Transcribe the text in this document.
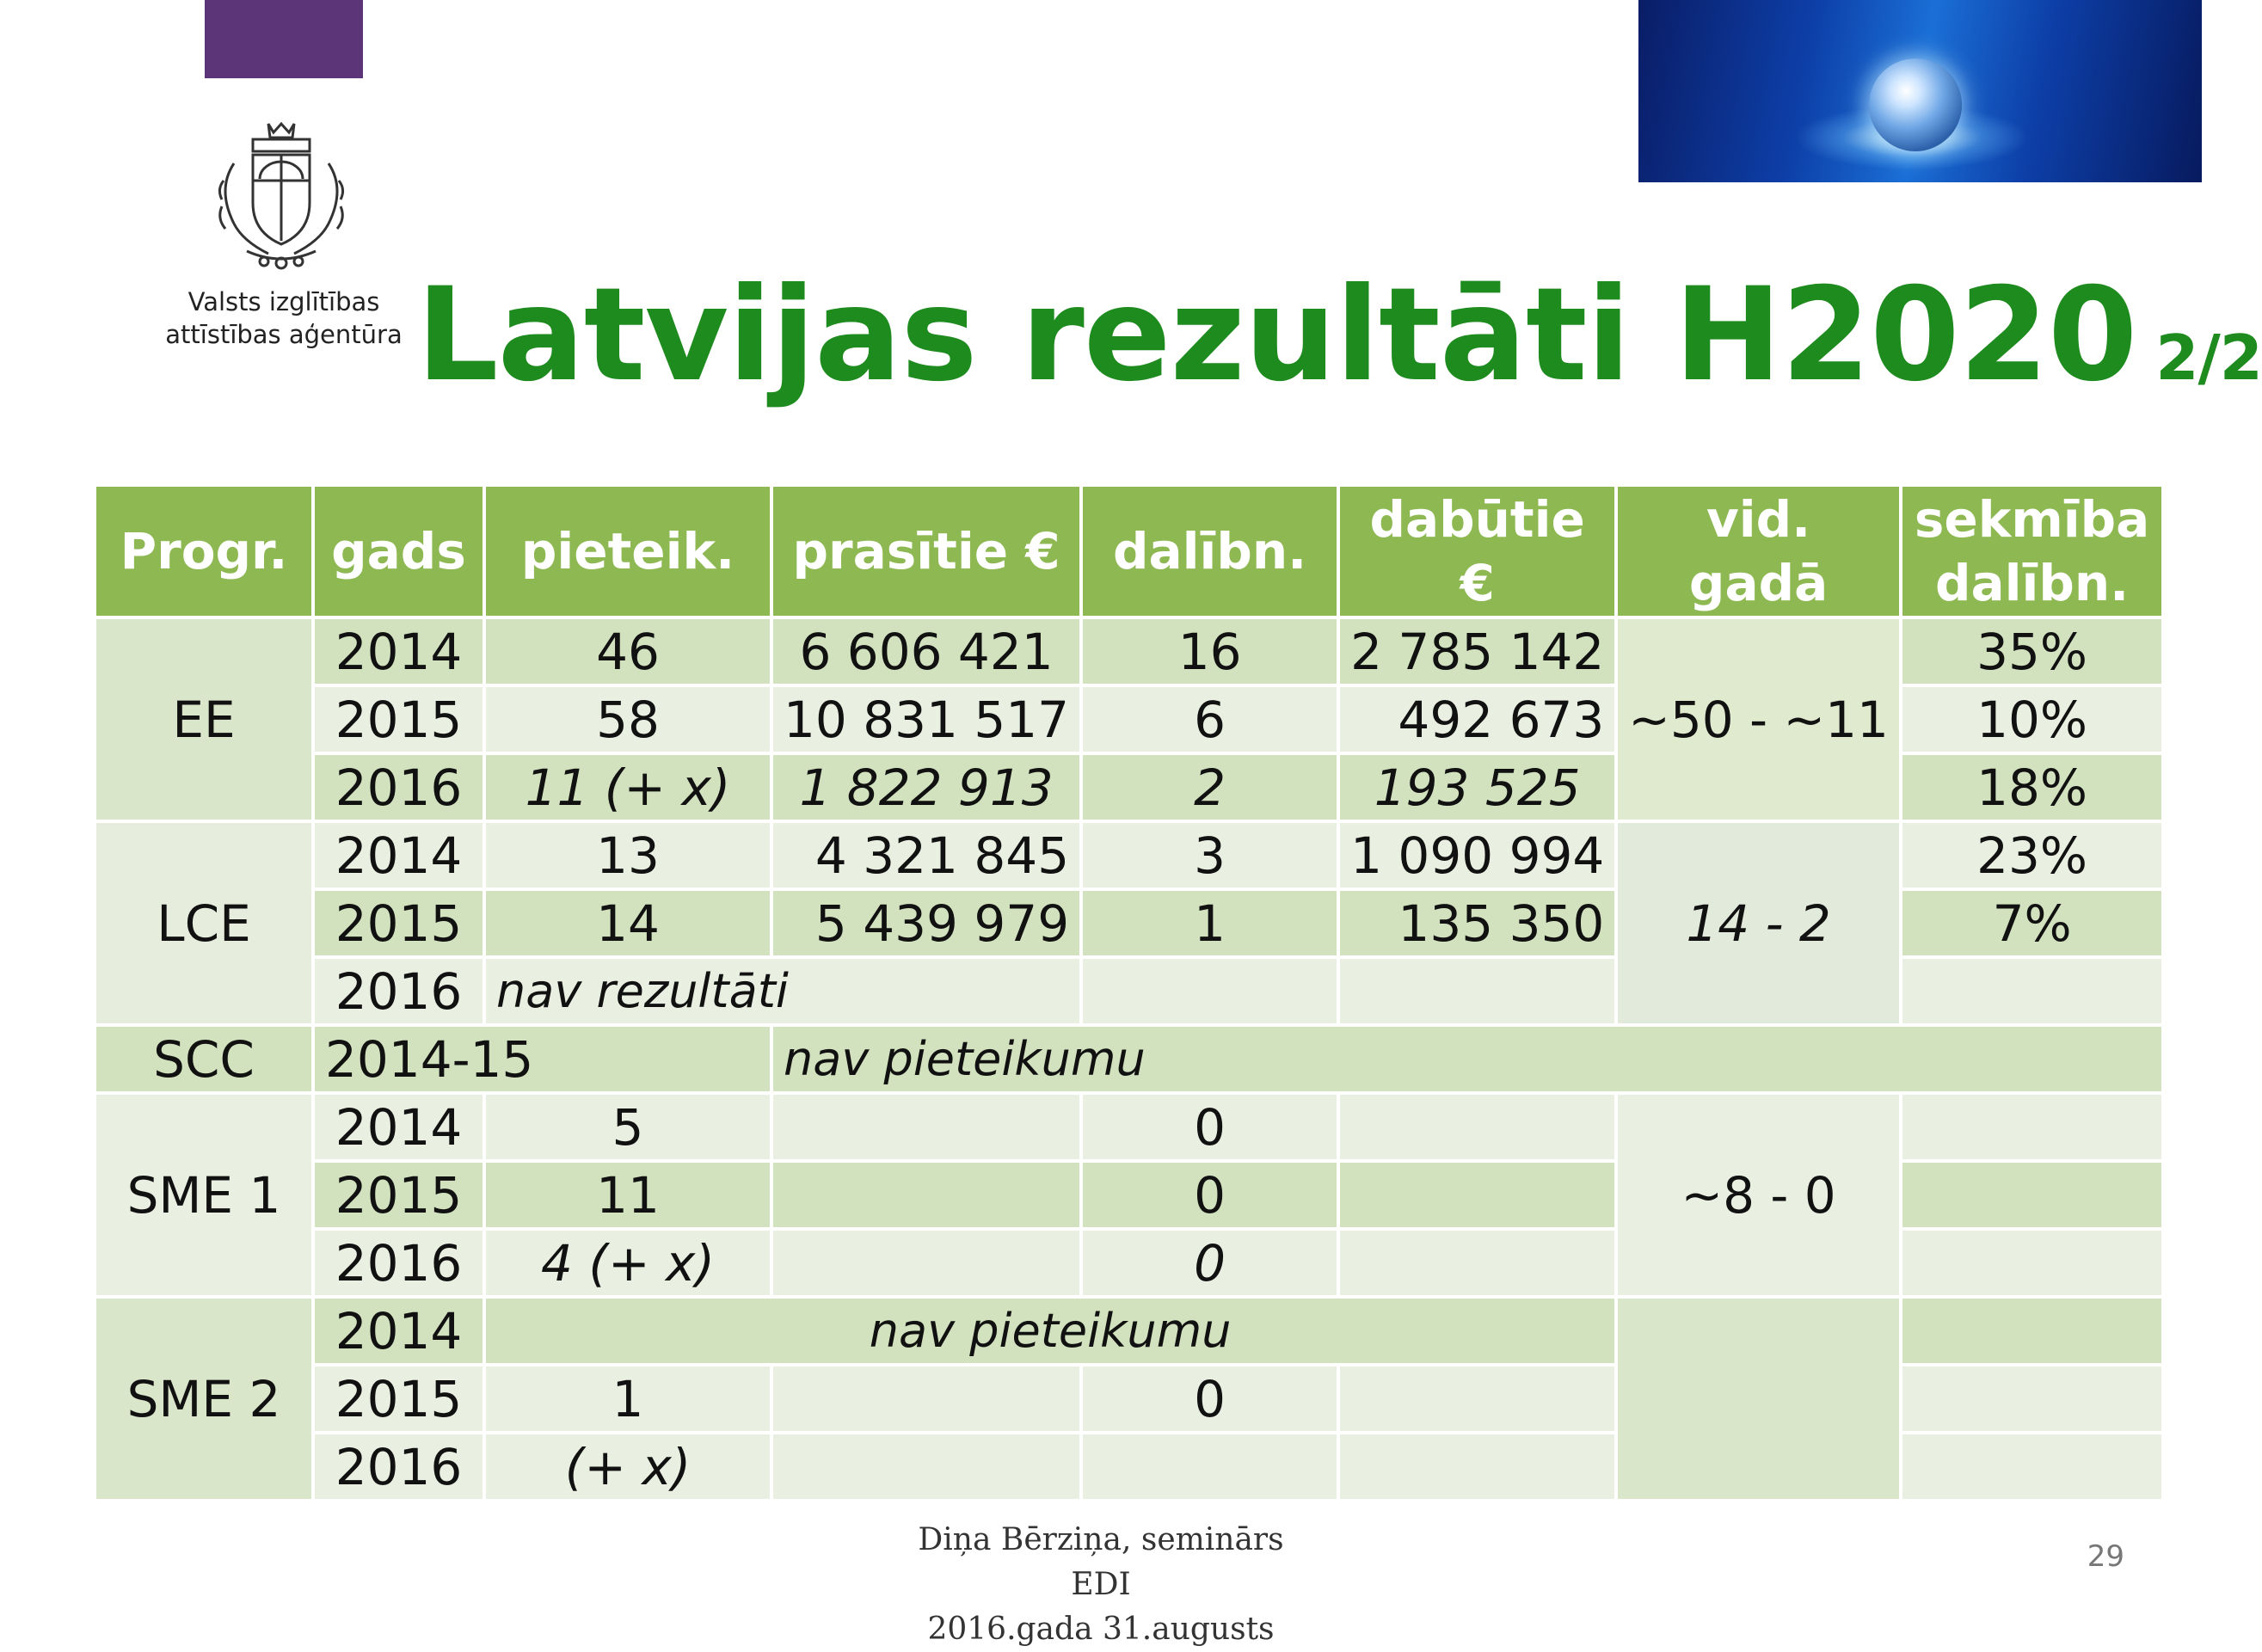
Valsts izglītības
attīstības aģentūra Latvijas rezultāti H2020 2/2
Progr.	gads	pieteik.	prasītie €	dalībn.	dabūtie €	vid. gadā	sekmība
dalībn.
EE	2014	46	6 606 421	16	2 785 142	~50 - ~11	35%
	2015	58	10 831 517	6	492 673		10%
	2016	11 (+ x)	1 822 913	2	193 525		18%
LCE	2014	13	4 321 845	3	1 090 994	14 - 2	23%
	2015	14	5 439 979	1	135 350		7%
	2016	nav rezultāti					
SCC	2014-15		nav pieteikumu				
SME 1	2014	5		0		~8 - 0	
	2015	11		0			
	2016	4 (+ x)		0			
SME 2	2014	nav pieteikumu					
	2015	1		0			
	2016	(+ x)					
Diņa Bērziņa, seminārs EDI
2016.gada 31.augusts
29
